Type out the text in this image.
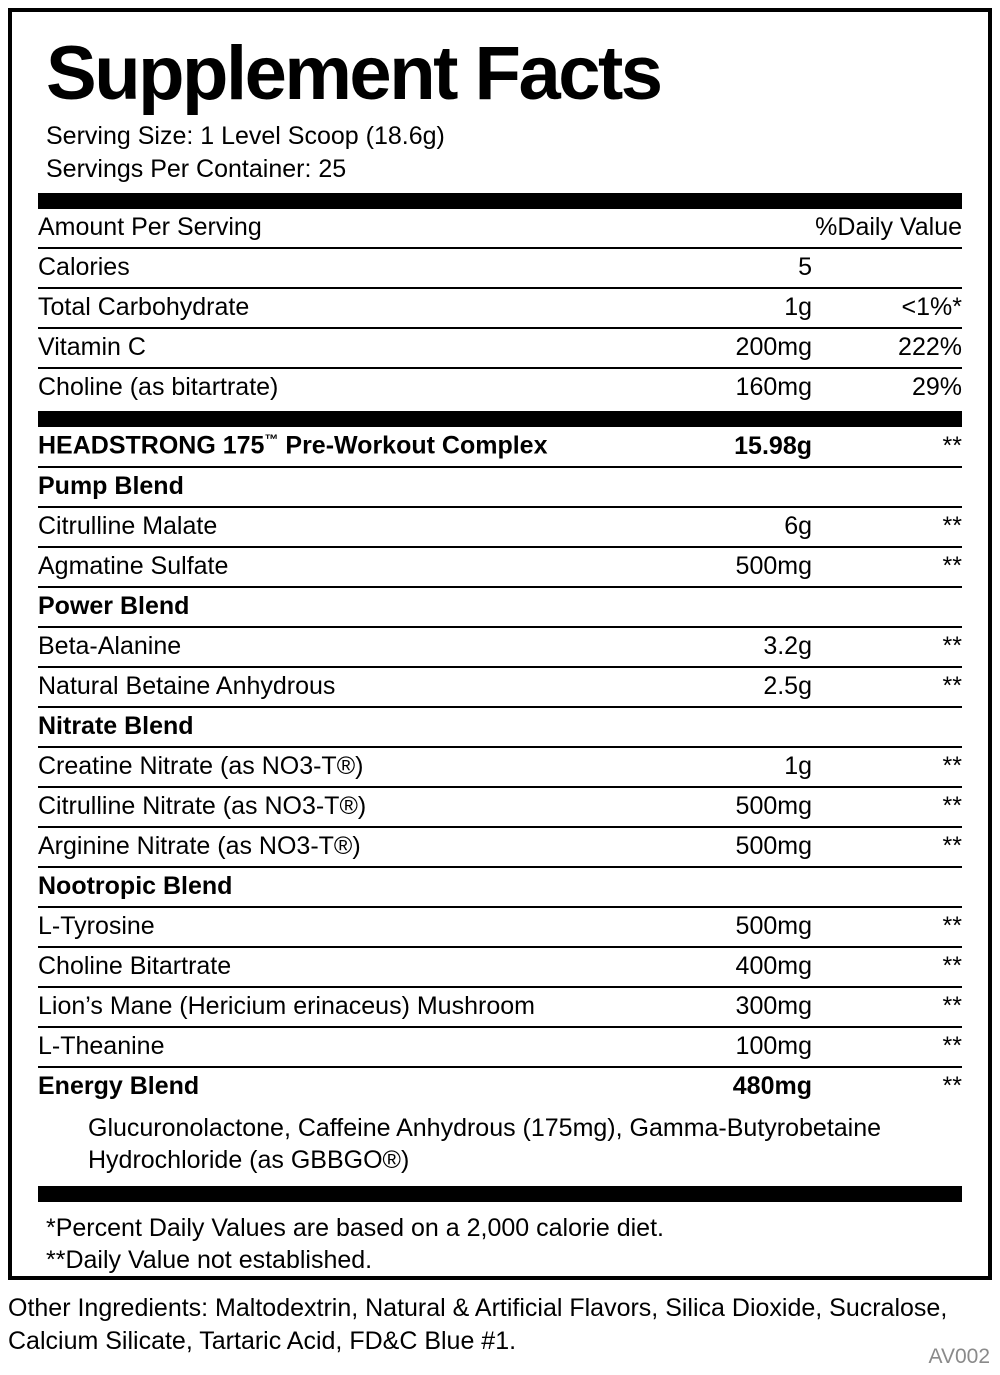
Supplement Facts
Serving Size: 1 Level Scoop (18.6g)
Servings Per Container: 25
Amount Per Serving		%Daily Value
Calories	5	
Total Carbohydrate	1g	<1%*
Vitamin C	200mg	222%
Choline (as bitartrate)	160mg	29%
HEADSTRONG 175™ Pre-Workout Complex	15.98g	**
Pump Blend		
Citrulline Malate	6g	**
Agmatine Sulfate	500mg	**
Power Blend		
Beta-Alanine	3.2g	**
Natural Betaine Anhydrous	2.5g	**
Nitrate Blend		
Creatine Nitrate (as NO3-T®)	1g	**
Citrulline Nitrate (as NO3-T®)	500mg	**
Arginine Nitrate (as NO3-T®)	500mg	**
Nootropic Blend		
L-Tyrosine	500mg	**
Choline Bitartrate	400mg	**
Lion’s Mane (Hericium erinaceus) Mushroom	300mg	**
L-Theanine	100mg	**
Energy Blend	480mg	**
Glucuronolactone, Caffeine Anhydrous (175mg), Gamma-Butyrobetaine Hydrochloride (as GBBGO®)
*Percent Daily Values are based on a 2,000 calorie diet.
**Daily Value not established.
Other Ingredients: Maltodextrin, Natural & Artificial Flavors, Silica Dioxide, Sucralose, Calcium Silicate, Tartaric Acid, FD&C Blue #1.
AV002
